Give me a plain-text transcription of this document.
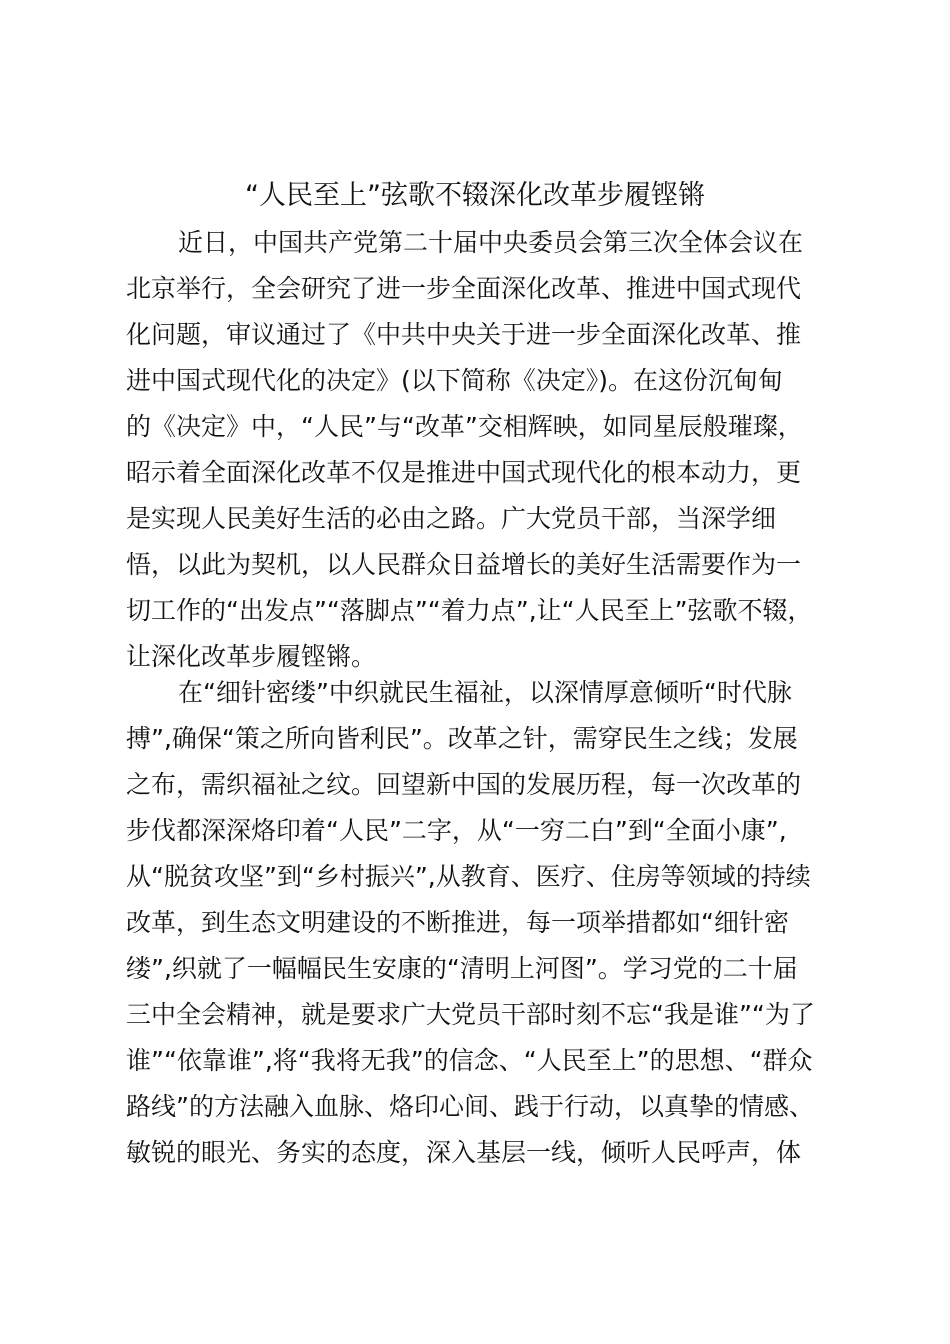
“人民至上”弦歌不辍深化改革步履铿锵
近日，中国共产党第二十届中央委员会第三次全体会议在
北京举行，全会研究了进一步全面深化改革、推进中国式现代
化问题，审议通过了《中共中央关于进一步全面深化改革、推
进中国式现代化的决定》(以下简称《决定》)。在这份沉甸甸
的《决定》中，“人民”与“改革”交相辉映，如同星辰般璀璨，
昭示着全面深化改革不仅是推进中国式现代化的根本动力，更
是实现人民美好生活的必由之路。广大党员干部，当深学细
悟，以此为契机，以人民群众日益增长的美好生活需要作为一
切工作的“出发点”“落脚点”“着力点”,让“人民至上”弦歌不辍，
让深化改革步履铿锵。
在“细针密缕”中织就民生福祉，以深情厚意倾听“时代脉
搏”,确保“策之所向皆利民”。改革之针，需穿民生之线；发展
之布，需织福祉之纹。回望新中国的发展历程，每一次改革的
步伐都深深烙印着“人民”二字，从“一穷二白”到“全面小康”,
从“脱贫攻坚”到“乡村振兴”,从教育、医疗、住房等领域的持续
改革，到生态文明建设的不断推进，每一项举措都如“细针密
缕”,织就了一幅幅民生安康的“清明上河图”。学习党的二十届
三中全会精神，就是要求广大党员干部时刻不忘“我是谁”“为了
谁”“依靠谁”,将“我将无我”的信念、“人民至上”的思想、“群众
路线”的方法融入血脉、烙印心间、践于行动，以真挚的情感、
敏锐的眼光、务实的态度，深入基层一线，倾听人民呼声，体
